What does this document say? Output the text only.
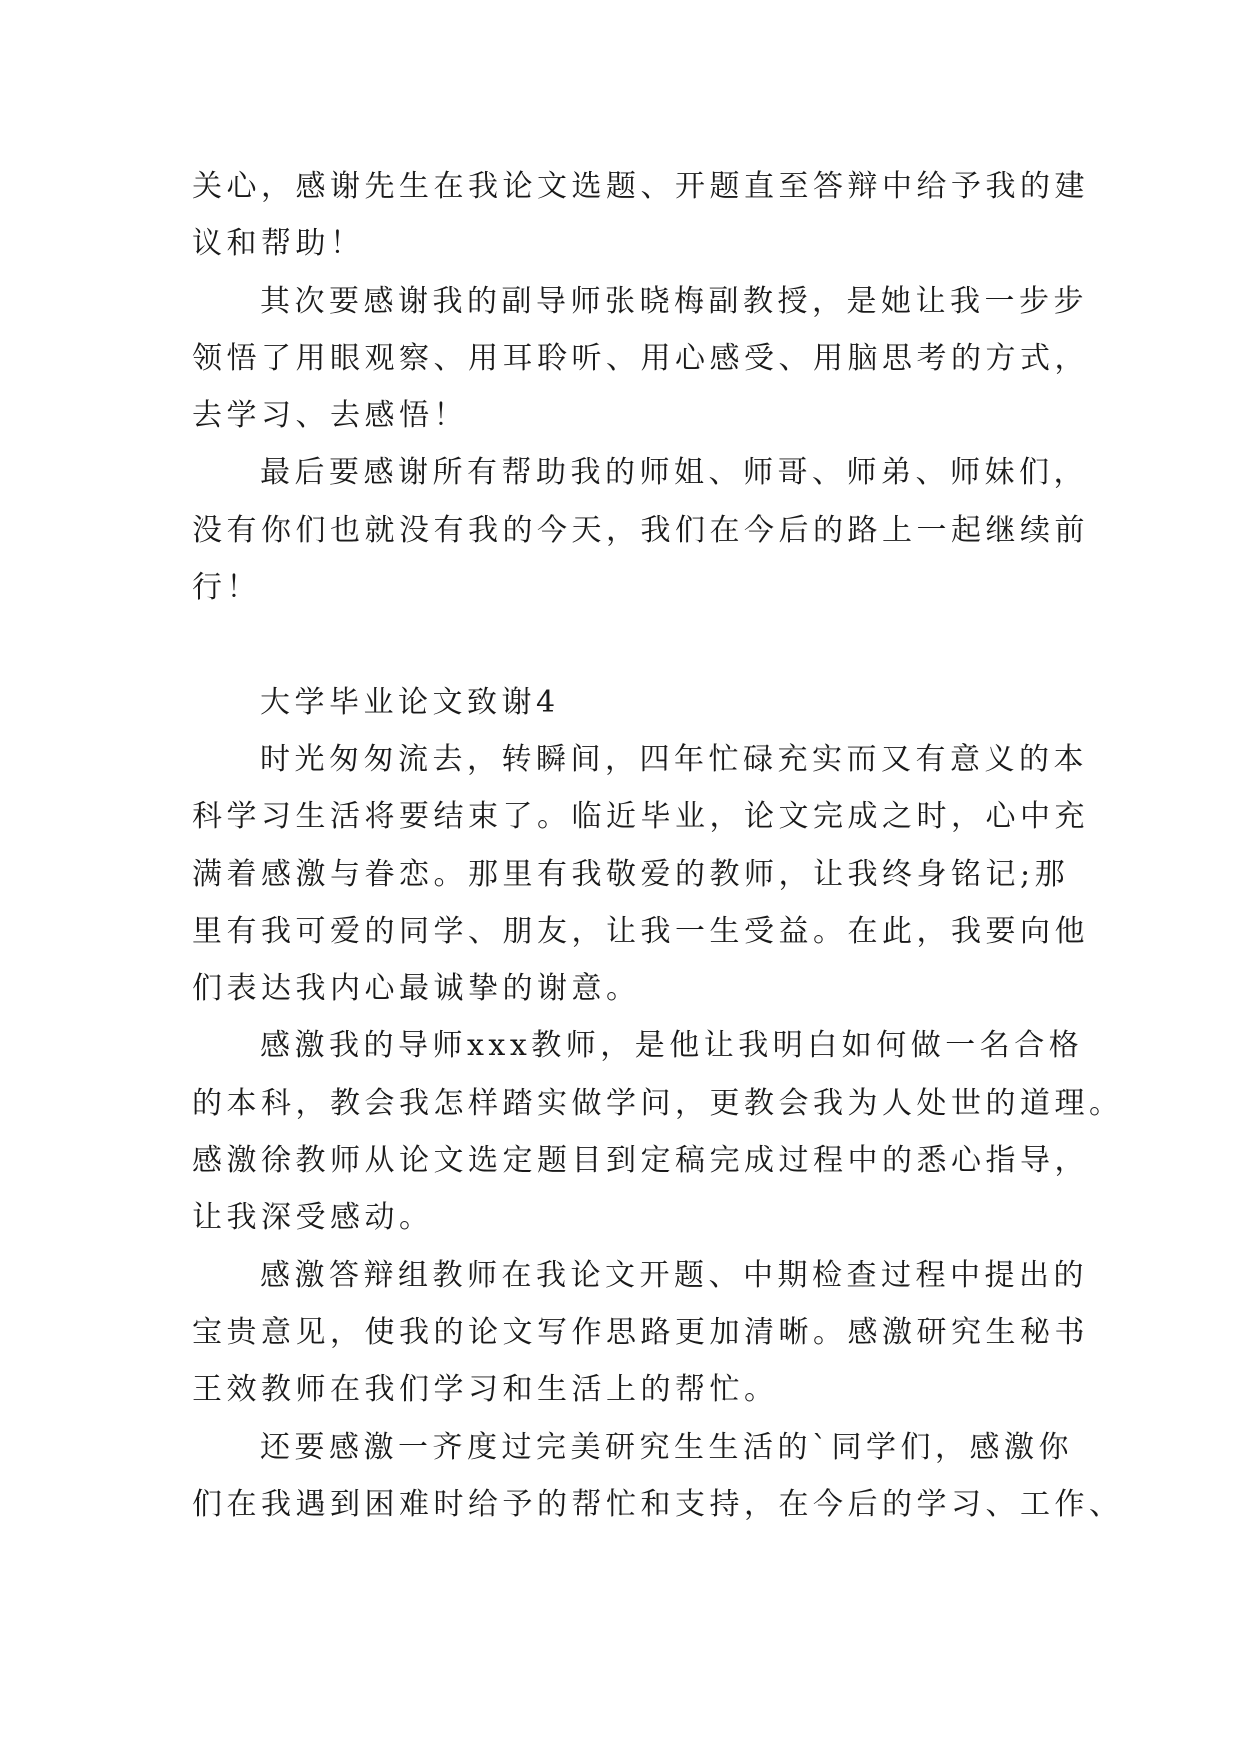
关心，感谢先生在我论文选题、开题直至答辩中给予我的建
议和帮助！
其次要感谢我的副导师张晓梅副教授，是她让我一步步
领悟了用眼观察、用耳聆听、用心感受、用脑思考的方式，
去学习、去感悟！
最后要感谢所有帮助我的师姐、师哥、师弟、师妹们，
没有你们也就没有我的今天，我们在今后的路上一起继续前
行！
大学毕业论文致谢4
时光匆匆流去，转瞬间，四年忙碌充实而又有意义的本
科学习生活将要结束了。临近毕业，论文完成之时，心中充
满着感激与眷恋。那里有我敬爱的教师，让我终身铭记;那
里有我可爱的同学、朋友，让我一生受益。在此，我要向他
们表达我内心最诚挚的谢意。
感激我的导师xxx教师，是他让我明白如何做一名合格
的本科，教会我怎样踏实做学问，更教会我为人处世的道理。
感激徐教师从论文选定题目到定稿完成过程中的悉心指导，
让我深受感动。
感激答辩组教师在我论文开题、中期检查过程中提出的
宝贵意见，使我的论文写作思路更加清晰。感激研究生秘书
王效教师在我们学习和生活上的帮忙。
还要感激一齐度过完美研究生生活的`同学们，感激你
们在我遇到困难时给予的帮忙和支持，在今后的学习、工作、
